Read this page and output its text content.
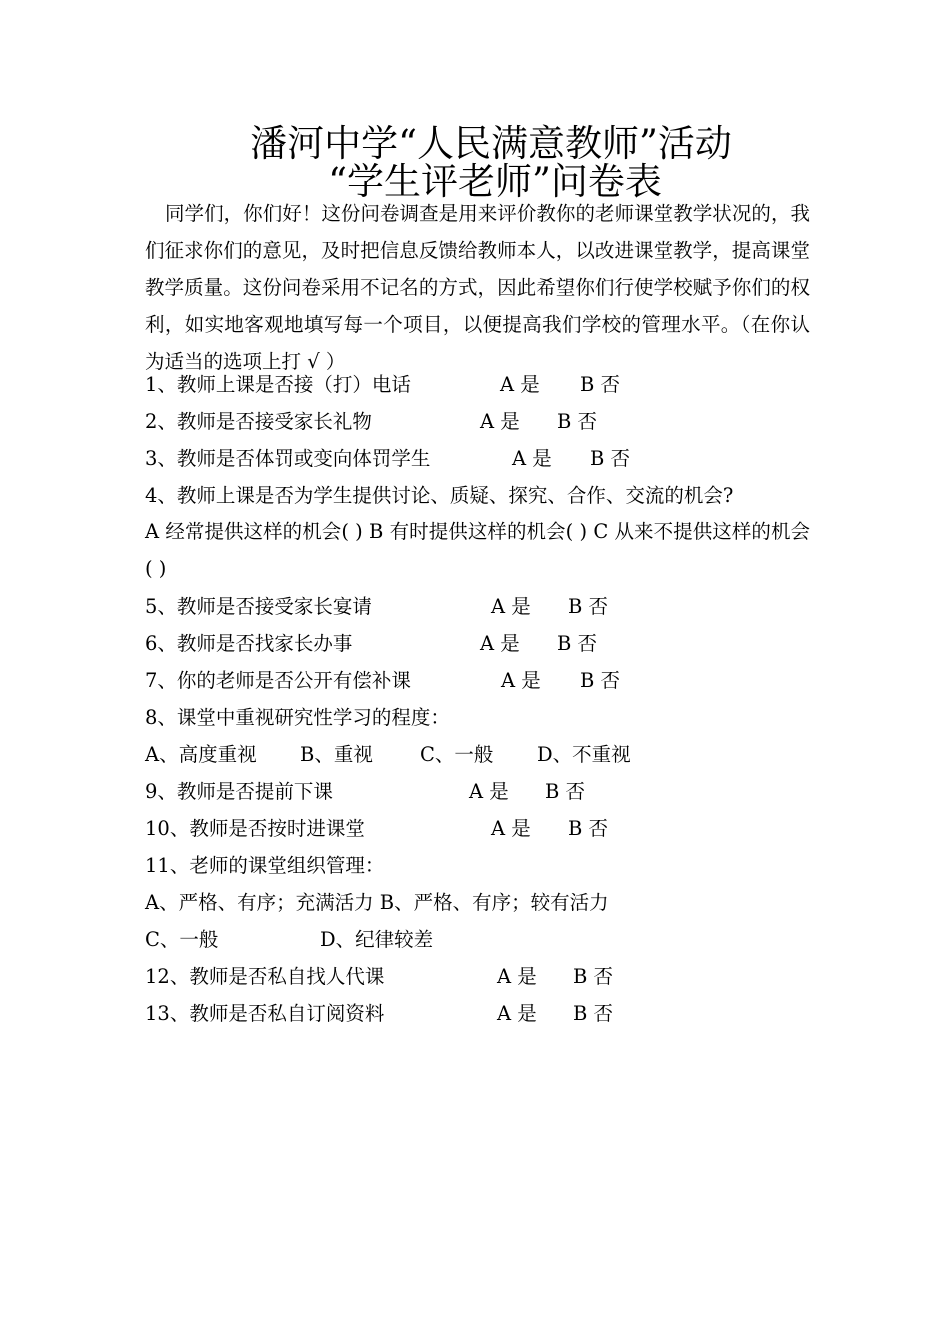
潘河中学“人民满意教师”活动
“学生评老师”问卷表
同学们，你们好！这份问卷调查是用来评价教你的老师课堂教学状况的，我们征求你们的意见，及时把信息反馈给教师本人，以改进课堂教学，提高课堂教学质量。这份问卷采用不记名的方式，因此希望你们行使学校赋予你们的权利，如实地客观地填写每一个项目，以便提高我们学校的管理水平。（在你认为适当的选项上打 √ ）
1、教师上课是否接（打）电话	A 是 B 否
2、教师是否接受家长礼物	A 是 B 否
3、教师是否体罚或变向体罚学生	A 是 B 否
4、教师上课是否为学生提供讨论、质疑、探究、合作、交流的机会?
A 经常提供这样的机会( ) B 有时提供这样的机会( ) C 从来不提供这样的机会( )
5、教师是否接受家长宴请	A 是 B 否
6、教师是否找家长办事	A 是 B 否
7、你的老师是否公开有偿补课	A 是 B 否
8、课堂中重视研究性学习的程度：
A、高度重视 B、重视 C、一般 D、不重视
9、教师是否提前下课	A 是 B 否
10、教师是否按时进课堂	A 是 B 否
11、老师的课堂组织管理：
A、严格、有序；充满活力 B、严格、有序；较有活力
C、一般	D、纪律较差
12、教师是否私自找人代课	A 是 B 否
13、教师是否私自订阅资料	A 是 B 否
